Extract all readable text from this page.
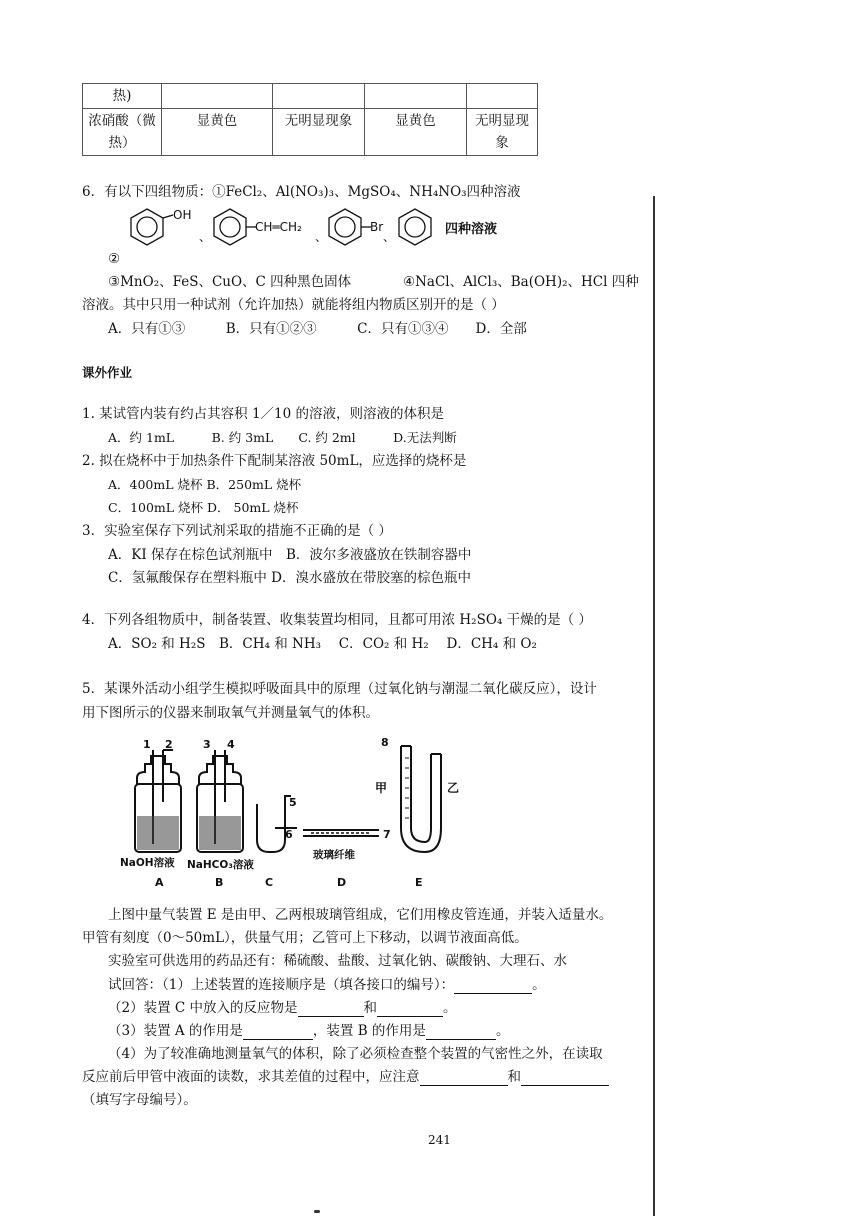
热)				
浓硝酸（微
热）	显黄色	无明显现象	显黄色	无明显现
象
6．有以下四组物质：①FeCl₂、Al(NO₃)₃、MgSO₄、NH₄NO₃四种溶液
OH
、
CH═CH₂
、
Br
、	四种溶液
②
③MnO₂、FeS、CuO、C 四种黑色固体	④NaCl、AlCl₃、Ba(OH)₂、HCl 四种
溶液。其中只用一种试剂（允许加热）就能将组内物质区别开的是（ ）
A．只有①③　　　B．只有①②③　　　C．只有①③④　　D．全部
课外作业
1. 某试管内装有约占其容积 1／10 的溶液，则溶液的体积是
A．约 1mL　　　B. 约 3mL　　C. 约 2ml　　　D.无法判断
2. 拟在烧杯中于加热条件下配制某溶液 50mL，应选择的烧杯是
A．400mL 烧杯 B．250mL 烧杯
C．100mL 烧杯 D． 50mL 烧杯
3．实验室保存下列试剂采取的措施不正确的是（ ）
A．KI 保存在棕色试剂瓶中　B．波尔多液盛放在铁制容器中
C．氢氟酸保存在塑料瓶中 D．溴水盛放在带胶塞的棕色瓶中
4．下列各组物质中，制备装置、收集装置均相同，且都可用浓 H₂SO₄ 干燥的是（ ）
A．SO₂ 和 H₂S　B．CH₄ 和 NH₃　 C．CO₂ 和 H₂　 D．CH₄ 和 O₂
5．某课外活动小组学生模拟呼吸面具中的原理（过氧化钠与潮湿二氧化碳反应），设计
用下图所示的仪器来制取氧气并测量氧气的体积。
1 2	3 4
5
6	7
8
甲	乙
NaOH溶液 NaHCO₃溶液
玻璃纤维
A	B	C	D	E
上图中量气装置 E 是由甲、乙两根玻璃管组成，它们用橡皮管连通，并装入适量水。
甲管有刻度（0～50mL），供量气用；乙管可上下移动，以调节液面高低。
实验室可供选用的药品还有：稀硫酸、盐酸、过氧化钠、碳酸钠、大理石、水
试回答：（1）上述装置的连接顺序是（填各接口的编号）：	。
（2）装置 C 中放入的反应物是	和	。
（3）装置 A 的作用是	，装置 B 的作用是	。
（4）为了较准确地测量氧气的体积，除了必须检查整个装置的气密性之外，在读取
反应前后甲管中液面的读数，求其差值的过程中，应注意	和
（填写字母编号）。
241
